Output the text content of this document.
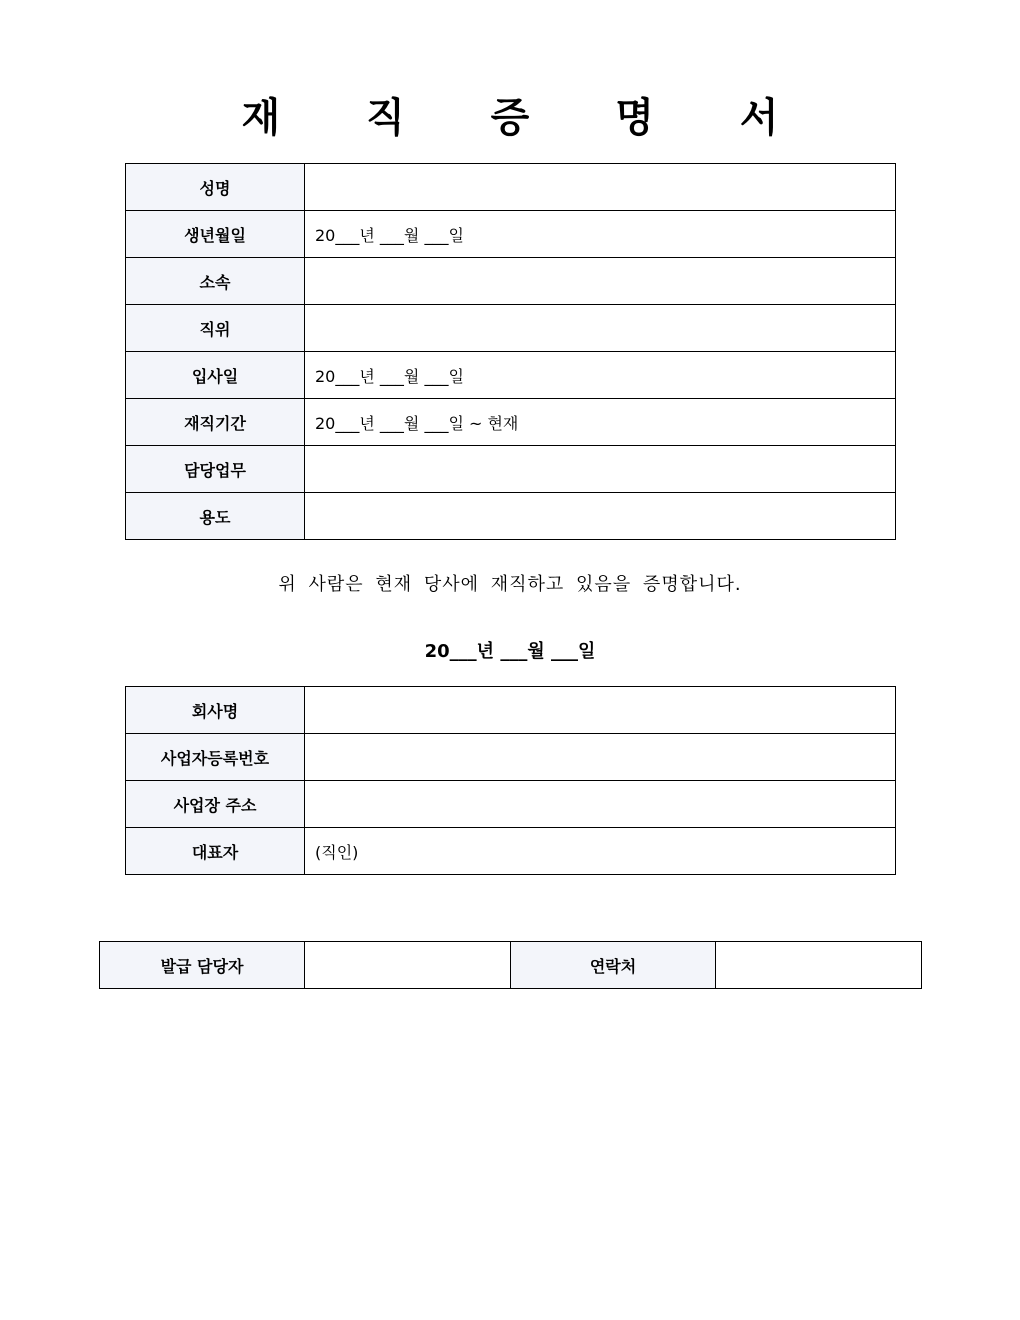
재 직 증 명 서
성명	
생년월일	20___년 ___월 ___일
소속	
직위	
입사일	20___년 ___월 ___일
재직기간	20___년 ___월 ___일 ~ 현재
담당업무	
용도	
위 사람은 현재 당사에 재직하고 있음을 증명합니다.
20___년 ___월 ___일
회사명	
사업자등록번호	
사업장 주소	
대표자	(직인)
발급 담당자		연락처	
